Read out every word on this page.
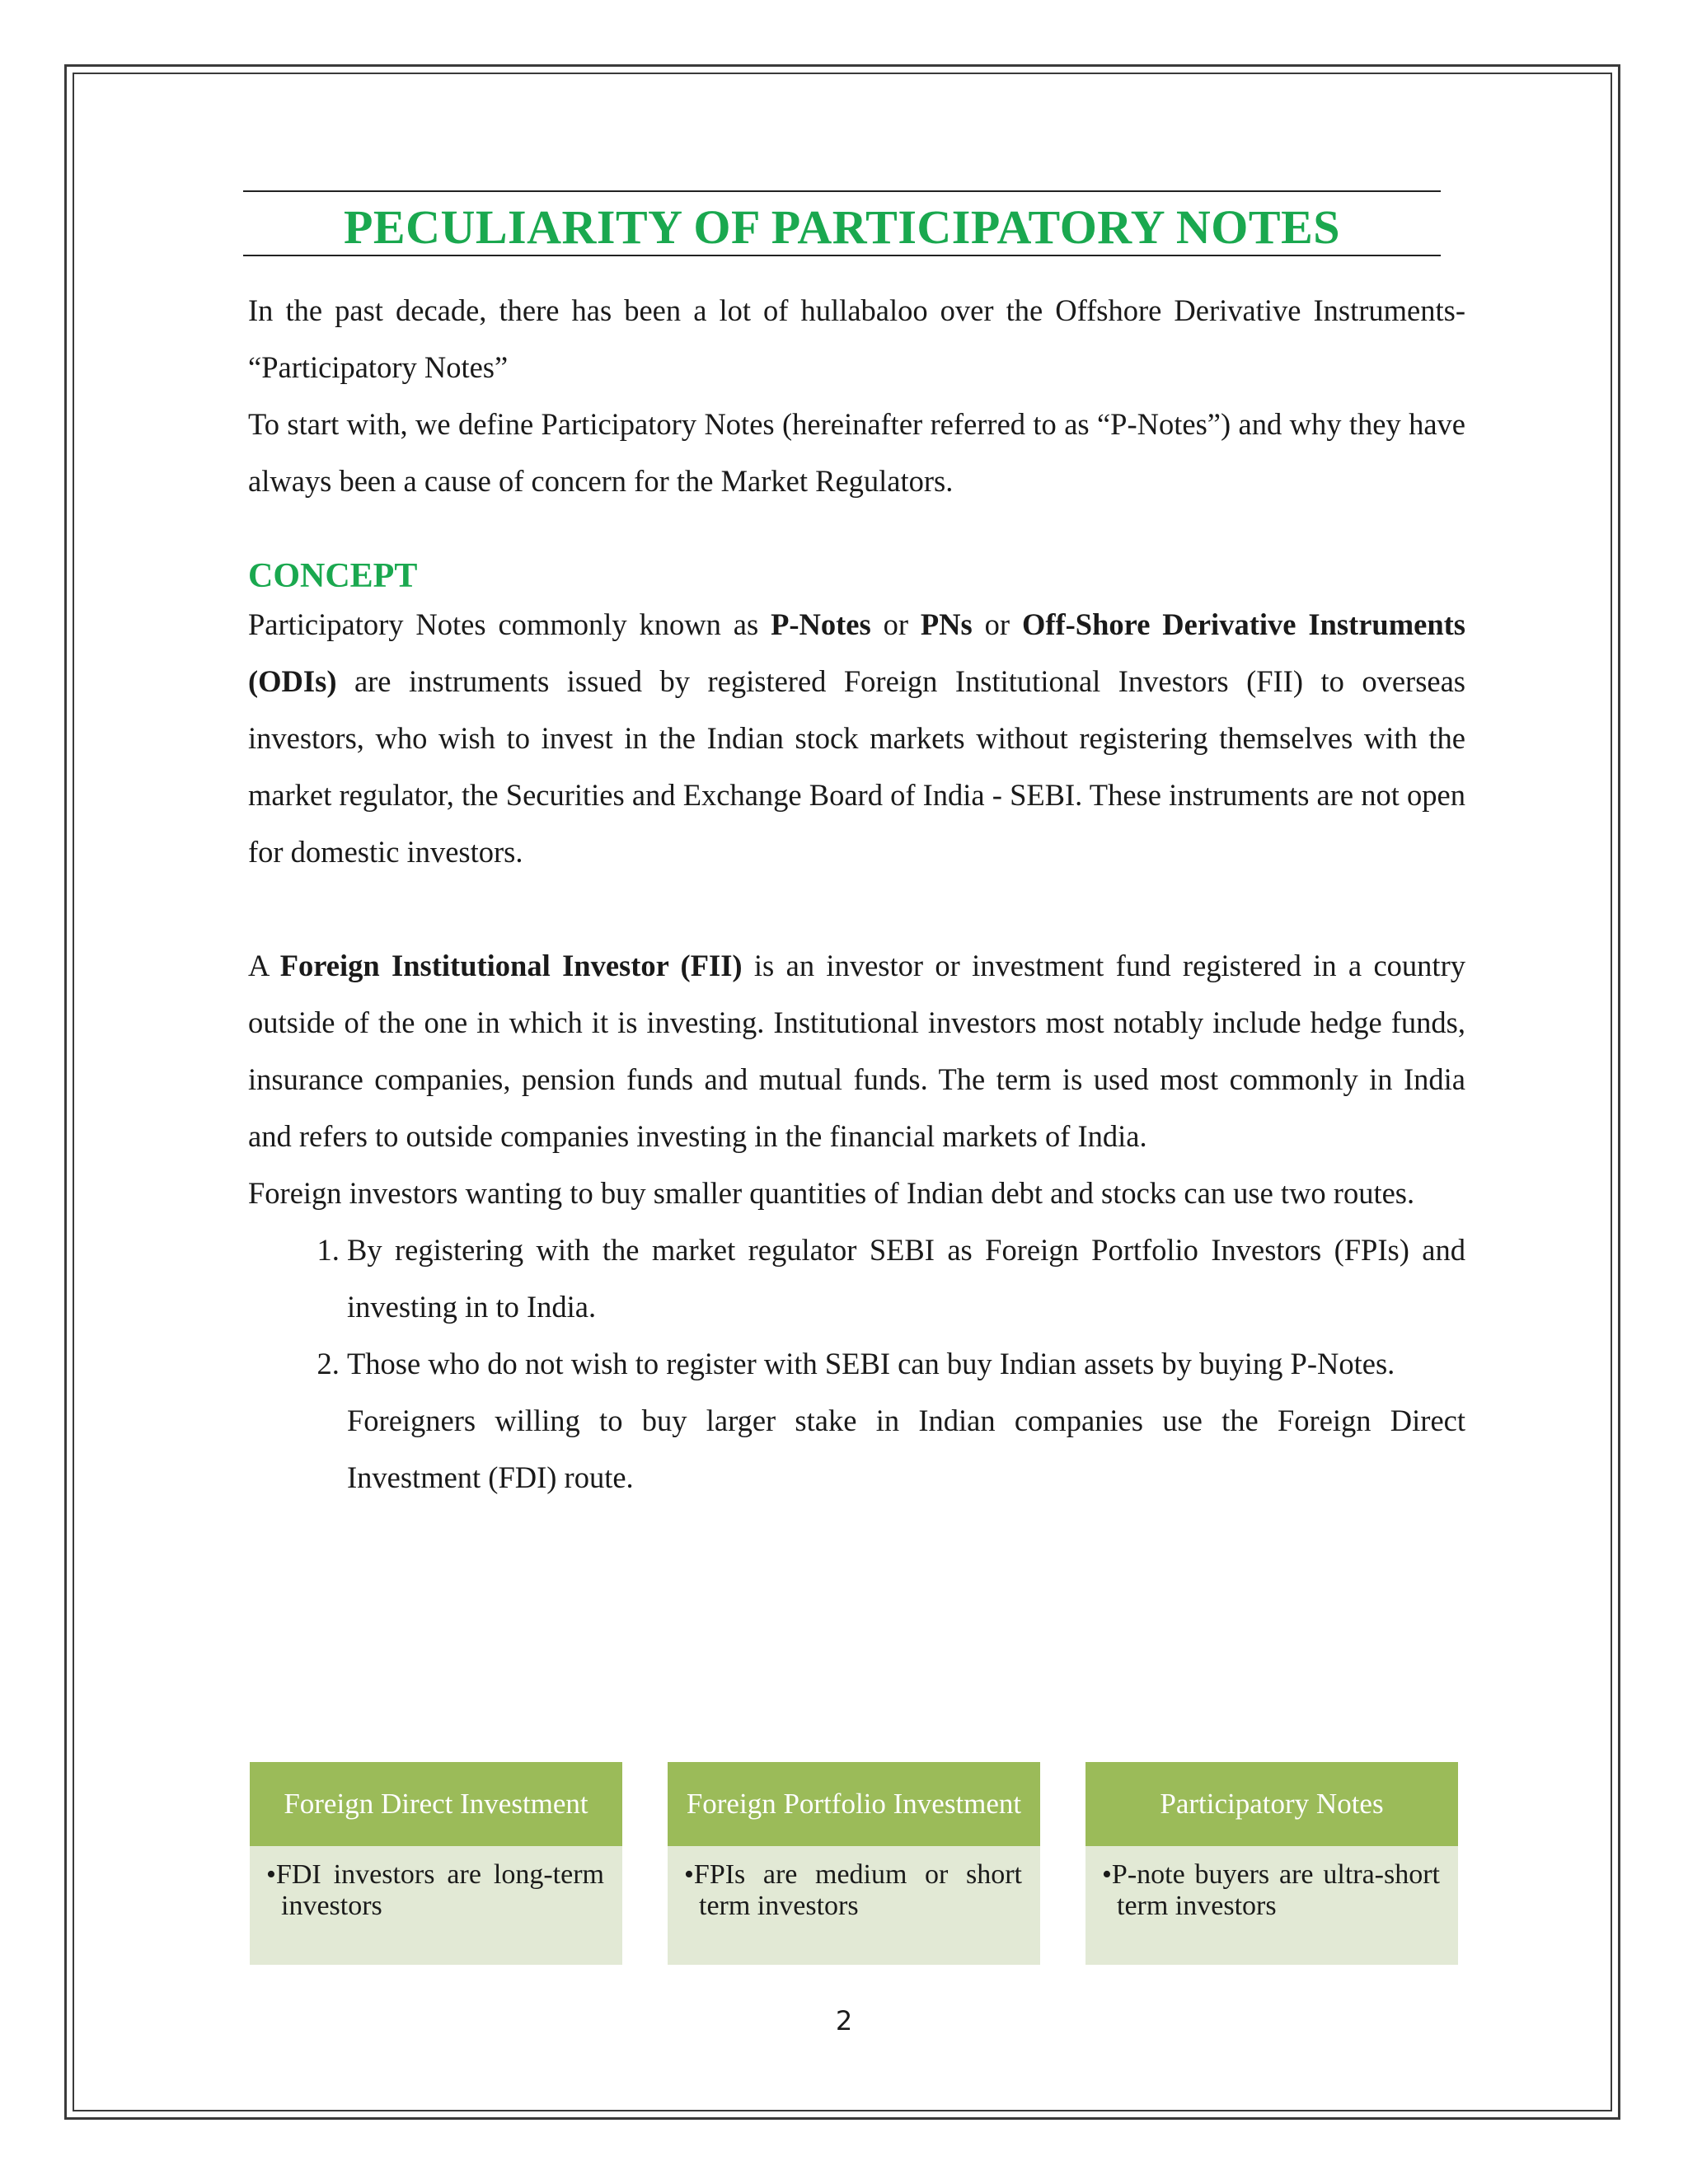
PECULIARITY OF PARTICIPATORY NOTES

In the past decade, there has been a lot of hullabaloo over the Offshore Derivative Instruments- “Participatory Notes”

To start with, we define Participatory Notes (hereinafter referred to as “P-Notes”) and why they have always been a cause of concern for the Market Regulators.

CONCEPT

Participatory Notes commonly known as P-Notes or PNs or Off-Shore Derivative Instruments (ODIs) are instruments issued by registered Foreign Institutional Investors (FII) to overseas investors, who wish to invest in the Indian stock markets without registering themselves with the market regulator, the Securities and Exchange Board of India - SEBI. These instruments are not open for domestic investors.

A Foreign Institutional Investor (FII) is an investor or investment fund registered in a country outside of the one in which it is investing. Institutional investors most notably include hedge funds, insurance companies, pension funds and mutual funds. The term is used most commonly in India and refers to outside companies investing in the financial markets of India.

Foreign investors wanting to buy smaller quantities of Indian debt and stocks can use two routes.

1. By registering with the market regulator SEBI as Foreign Portfolio Investors (FPIs) and investing in to India.
2. Those who do not wish to register with SEBI can buy Indian assets by buying P-Notes.
Foreigners willing to buy larger stake in Indian companies use the Foreign Direct Investment (FDI) route.
Foreign Direct Investment
•FDI investors are long-term investors
Foreign Portfolio Investment
•FPIs are medium or short term investors
Participatory Notes
•P-note buyers are ultra-short term investors
2
